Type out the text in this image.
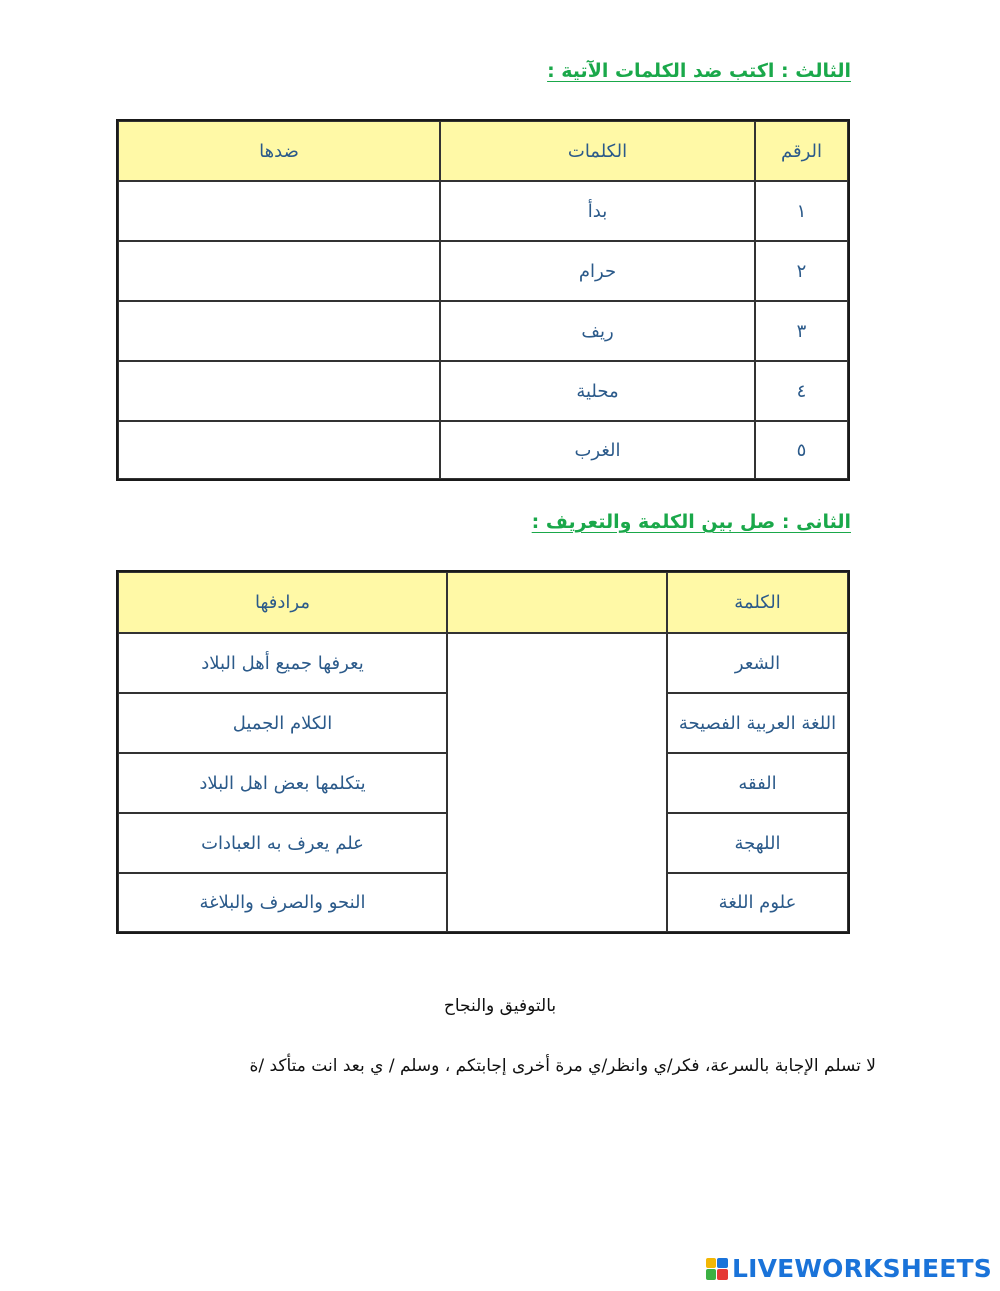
الثالث : اكتب ضد الكلمات الآتية :
الرقم	الكلمات	ضدها
١	بدأ	
٢	حرام	
٣	ريف	
٤	محلية	
٥	الغرب	
الثانى : صل بين الكلمة والتعريف :
الكلمة		مرادفها
الشعر		يعرفها جميع أهل البلاد
اللغة العربية الفصيحة		الكلام الجميل
الفقه		يتكلمها بعض اهل البلاد
اللهجة		علم يعرف به العبادات
علوم اللغة		النحو والصرف والبلاغة
بالتوفيق والنجاح
لا تسلم الإجابة بالسرعة، فكر/ي وانظر/ي مرة أخرى إجابتكم ، وسلم / ي بعد انت متأكد /ة
LIVEWORKSHEETS
